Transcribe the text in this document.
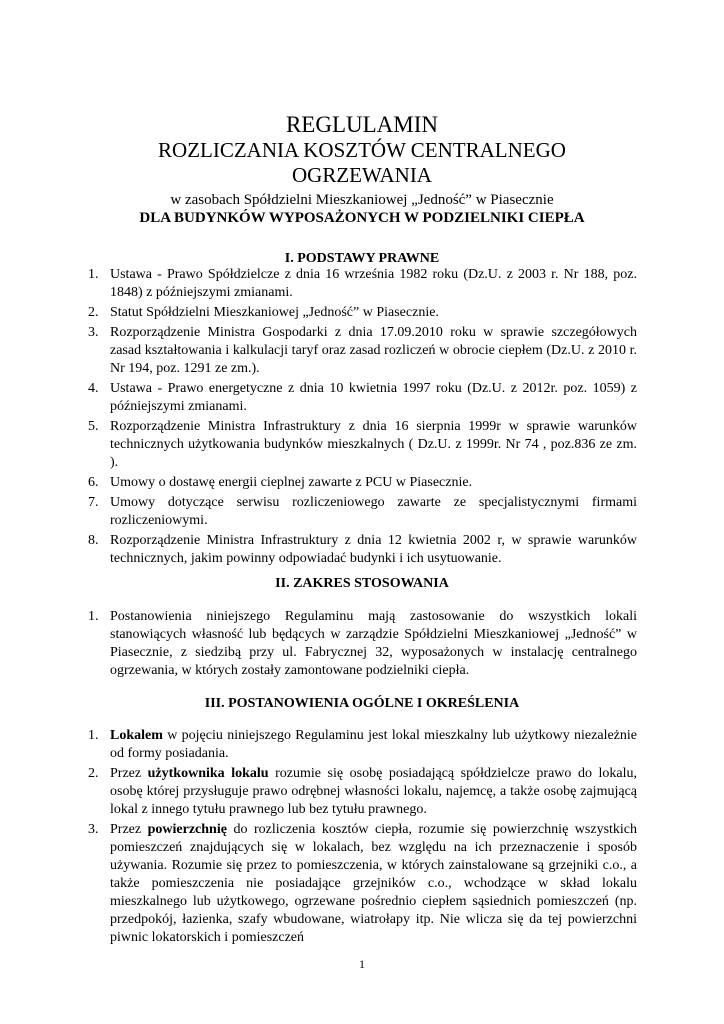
REGLULAMIN
ROZLICZANIA KOSZTÓW CENTRALNEGO
OGRZEWANIA
w zasobach Spółdzielni Mieszkaniowej „Jedność” w Piasecznie
DLA BUDYNKÓW WYPOSAŻONYCH W PODZIELNIKI CIEPŁA
I. PODSTAWY PRAWNE
1. Ustawa - Prawo Spółdzielcze z dnia 16 września 1982 roku (Dz.U. z 2003 r. Nr 188, poz. 1848) z późniejszymi zmianami.
2. Statut Spółdzielni Mieszkaniowej „Jedność” w Piasecznie.
3. Rozporządzenie Ministra Gospodarki z dnia 17.09.2010 roku w sprawie szczegółowych zasad kształtowania i kalkulacji taryf oraz zasad rozliczeń w obrocie ciepłem (Dz.U. z 2010 r. Nr 194, poz. 1291 ze zm.).
4. Ustawa - Prawo energetyczne z dnia 10 kwietnia 1997 roku (Dz.U. z 2012r. poz. 1059) z późniejszymi zmianami.
5. Rozporządzenie Ministra Infrastruktury z dnia 16 sierpnia 1999r w sprawie warunków technicznych użytkowania budynków mieszkalnych ( Dz.U. z 1999r. Nr 74 , poz.836 ze zm. ).
6. Umowy o dostawę energii cieplnej zawarte z PCU w Piasecznie.
7. Umowy dotyczące serwisu rozliczeniowego zawarte ze specjalistycznymi firmami rozliczeniowymi.
8. Rozporządzenie Ministra Infrastruktury z dnia 12 kwietnia 2002 r, w sprawie warunków technicznych, jakim powinny odpowiadać budynki i ich usytuowanie.
II. ZAKRES STOSOWANIA
1. Postanowienia niniejszego Regulaminu mają zastosowanie do wszystkich lokali stanowiących własność lub będących w zarządzie Spółdzielni Mieszkaniowej „Jedność” w Piasecznie, z siedzibą przy ul. Fabrycznej 32, wyposażonych w instalację centralnego ogrzewania, w których zostały zamontowane podzielniki ciepła.
III. POSTANOWIENIA OGÓLNE I OKREŚLENIA
1. Lokalem w pojęciu niniejszego Regulaminu jest lokal mieszkalny lub użytkowy niezależnie od formy posiadania.
2. Przez użytkownika lokalu rozumie się osobę posiadającą spółdzielcze prawo do lokalu, osobę której przysługuje prawo odrębnej własności lokalu, najemcę, a także osobę zajmującą lokal z innego tytułu prawnego lub bez tytułu prawnego.
3. Przez powierzchnię do rozliczenia kosztów ciepła, rozumie się powierzchnię wszystkich pomieszczeń znajdujących się w lokalach, bez względu na ich przeznaczenie i sposób używania. Rozumie się przez to pomieszczenia, w których zainstalowane są grzejniki c.o., a także pomieszczenia nie posiadające grzejników c.o., wchodzące w skład lokalu mieszkalnego lub użytkowego, ogrzewane pośrednio ciepłem sąsiednich pomieszczeń (np. przedpokój, łazienka, szafy wbudowane, wiatrołapy itp. Nie wlicza się da tej powierzchni piwnic lokatorskich i pomieszczeń
1
